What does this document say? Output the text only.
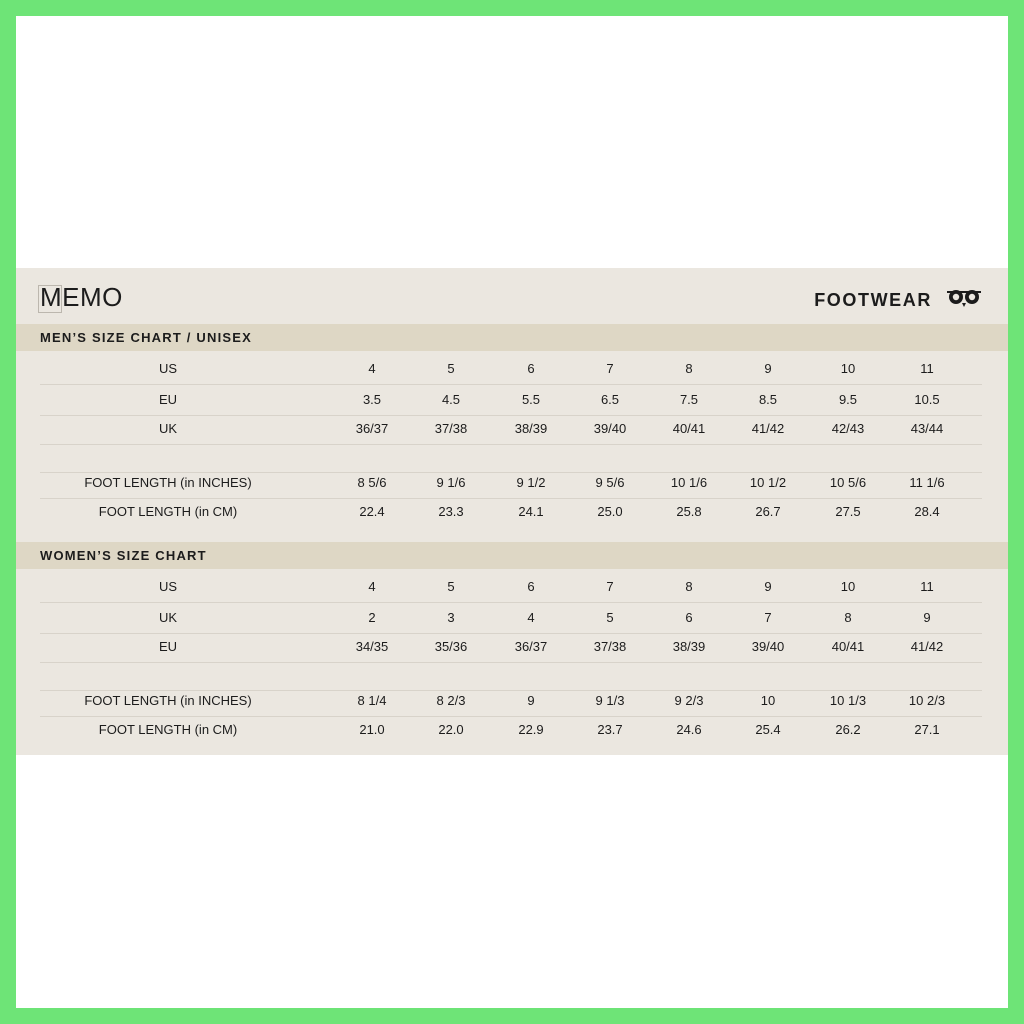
MEMO	FOOTWEAR
MEN’S SIZE CHART / UNISEX
US	4	5	6	7	8	9	10	11
EU	3.5	4.5	5.5	6.5	7.5	8.5	9.5	10.5
UK	36/37	37/38	38/39	39/40	40/41	41/42	42/43	43/44
FOOT LENGTH (in INCHES)	8 5/6	9 1/6	9 1/2	9 5/6	10 1/6	10 1/2	10 5/6	11 1/6
FOOT LENGTH (in CM)	22.4	23.3	24.1	25.0	25.8	26.7	27.5	28.4
WOMEN’S SIZE CHART
US	4	5	6	7	8	9	10	11
UK	2	3	4	5	6	7	8	9
EU	34/35	35/36	36/37	37/38	38/39	39/40	40/41	41/42
FOOT LENGTH (in INCHES)	8 1/4	8 2/3	9	9 1/3	9 2/3	10	10 1/3	10 2/3
FOOT LENGTH (in CM)	21.0	22.0	22.9	23.7	24.6	25.4	26.2	27.1
